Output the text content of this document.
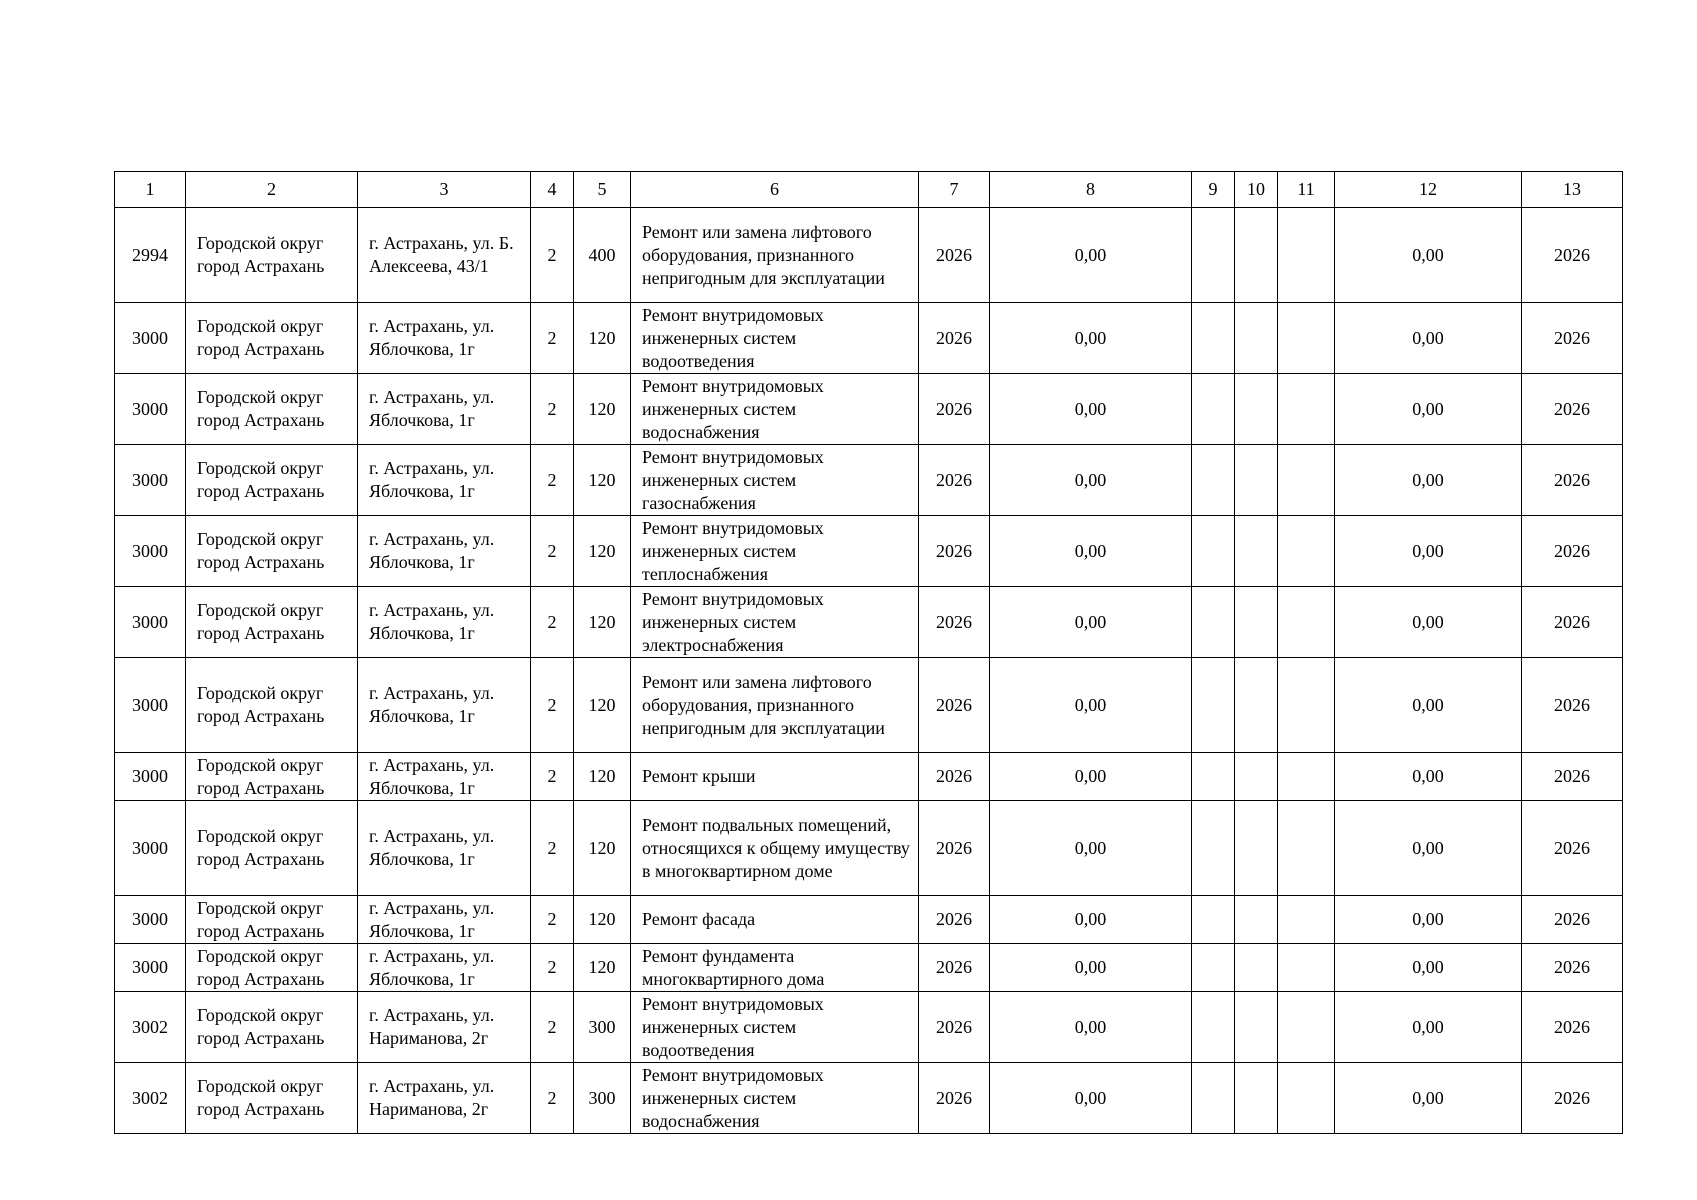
1	2	3	4	5	6	7	8	9	10	11	12	13
2994	Городской округ город Астрахань	г. Астрахань, ул. Б. Алексеева, 43/1	2	400	Ремонт или замена лифтового оборудования, признанного непригодным для эксплуатации	2026	0,00				0,00	2026
3000	Городской округ город Астрахань	г. Астрахань, ул. Яблочкова, 1г	2	120	Ремонт внутридомовых инженерных систем водоотведения	2026	0,00				0,00	2026
3000	Городской округ город Астрахань	г. Астрахань, ул. Яблочкова, 1г	2	120	Ремонт внутридомовых инженерных систем водоснабжения	2026	0,00				0,00	2026
3000	Городской округ город Астрахань	г. Астрахань, ул. Яблочкова, 1г	2	120	Ремонт внутридомовых инженерных систем газоснабжения	2026	0,00				0,00	2026
3000	Городской округ город Астрахань	г. Астрахань, ул. Яблочкова, 1г	2	120	Ремонт внутридомовых инженерных систем теплоснабжения	2026	0,00				0,00	2026
3000	Городской округ город Астрахань	г. Астрахань, ул. Яблочкова, 1г	2	120	Ремонт внутридомовых инженерных систем электроснабжения	2026	0,00				0,00	2026
3000	Городской округ город Астрахань	г. Астрахань, ул. Яблочкова, 1г	2	120	Ремонт или замена лифтового оборудования, признанного непригодным для эксплуатации	2026	0,00				0,00	2026
3000	Городской округ город Астрахань	г. Астрахань, ул. Яблочкова, 1г	2	120	Ремонт крыши	2026	0,00				0,00	2026
3000	Городской округ город Астрахань	г. Астрахань, ул. Яблочкова, 1г	2	120	Ремонт подвальных помещений, относящихся к общему имуществу в многоквартирном доме	2026	0,00				0,00	2026
3000	Городской округ город Астрахань	г. Астрахань, ул. Яблочкова, 1г	2	120	Ремонт фасада	2026	0,00				0,00	2026
3000	Городской округ город Астрахань	г. Астрахань, ул. Яблочкова, 1г	2	120	Ремонт фундамента многоквартирного дома	2026	0,00				0,00	2026
3002	Городской округ город Астрахань	г. Астрахань, ул. Нариманова, 2г	2	300	Ремонт внутридомовых инженерных систем водоотведения	2026	0,00				0,00	2026
3002	Городской округ город Астрахань	г. Астрахань, ул. Нариманова, 2г	2	300	Ремонт внутридомовых инженерных систем водоснабжения	2026	0,00				0,00	2026
